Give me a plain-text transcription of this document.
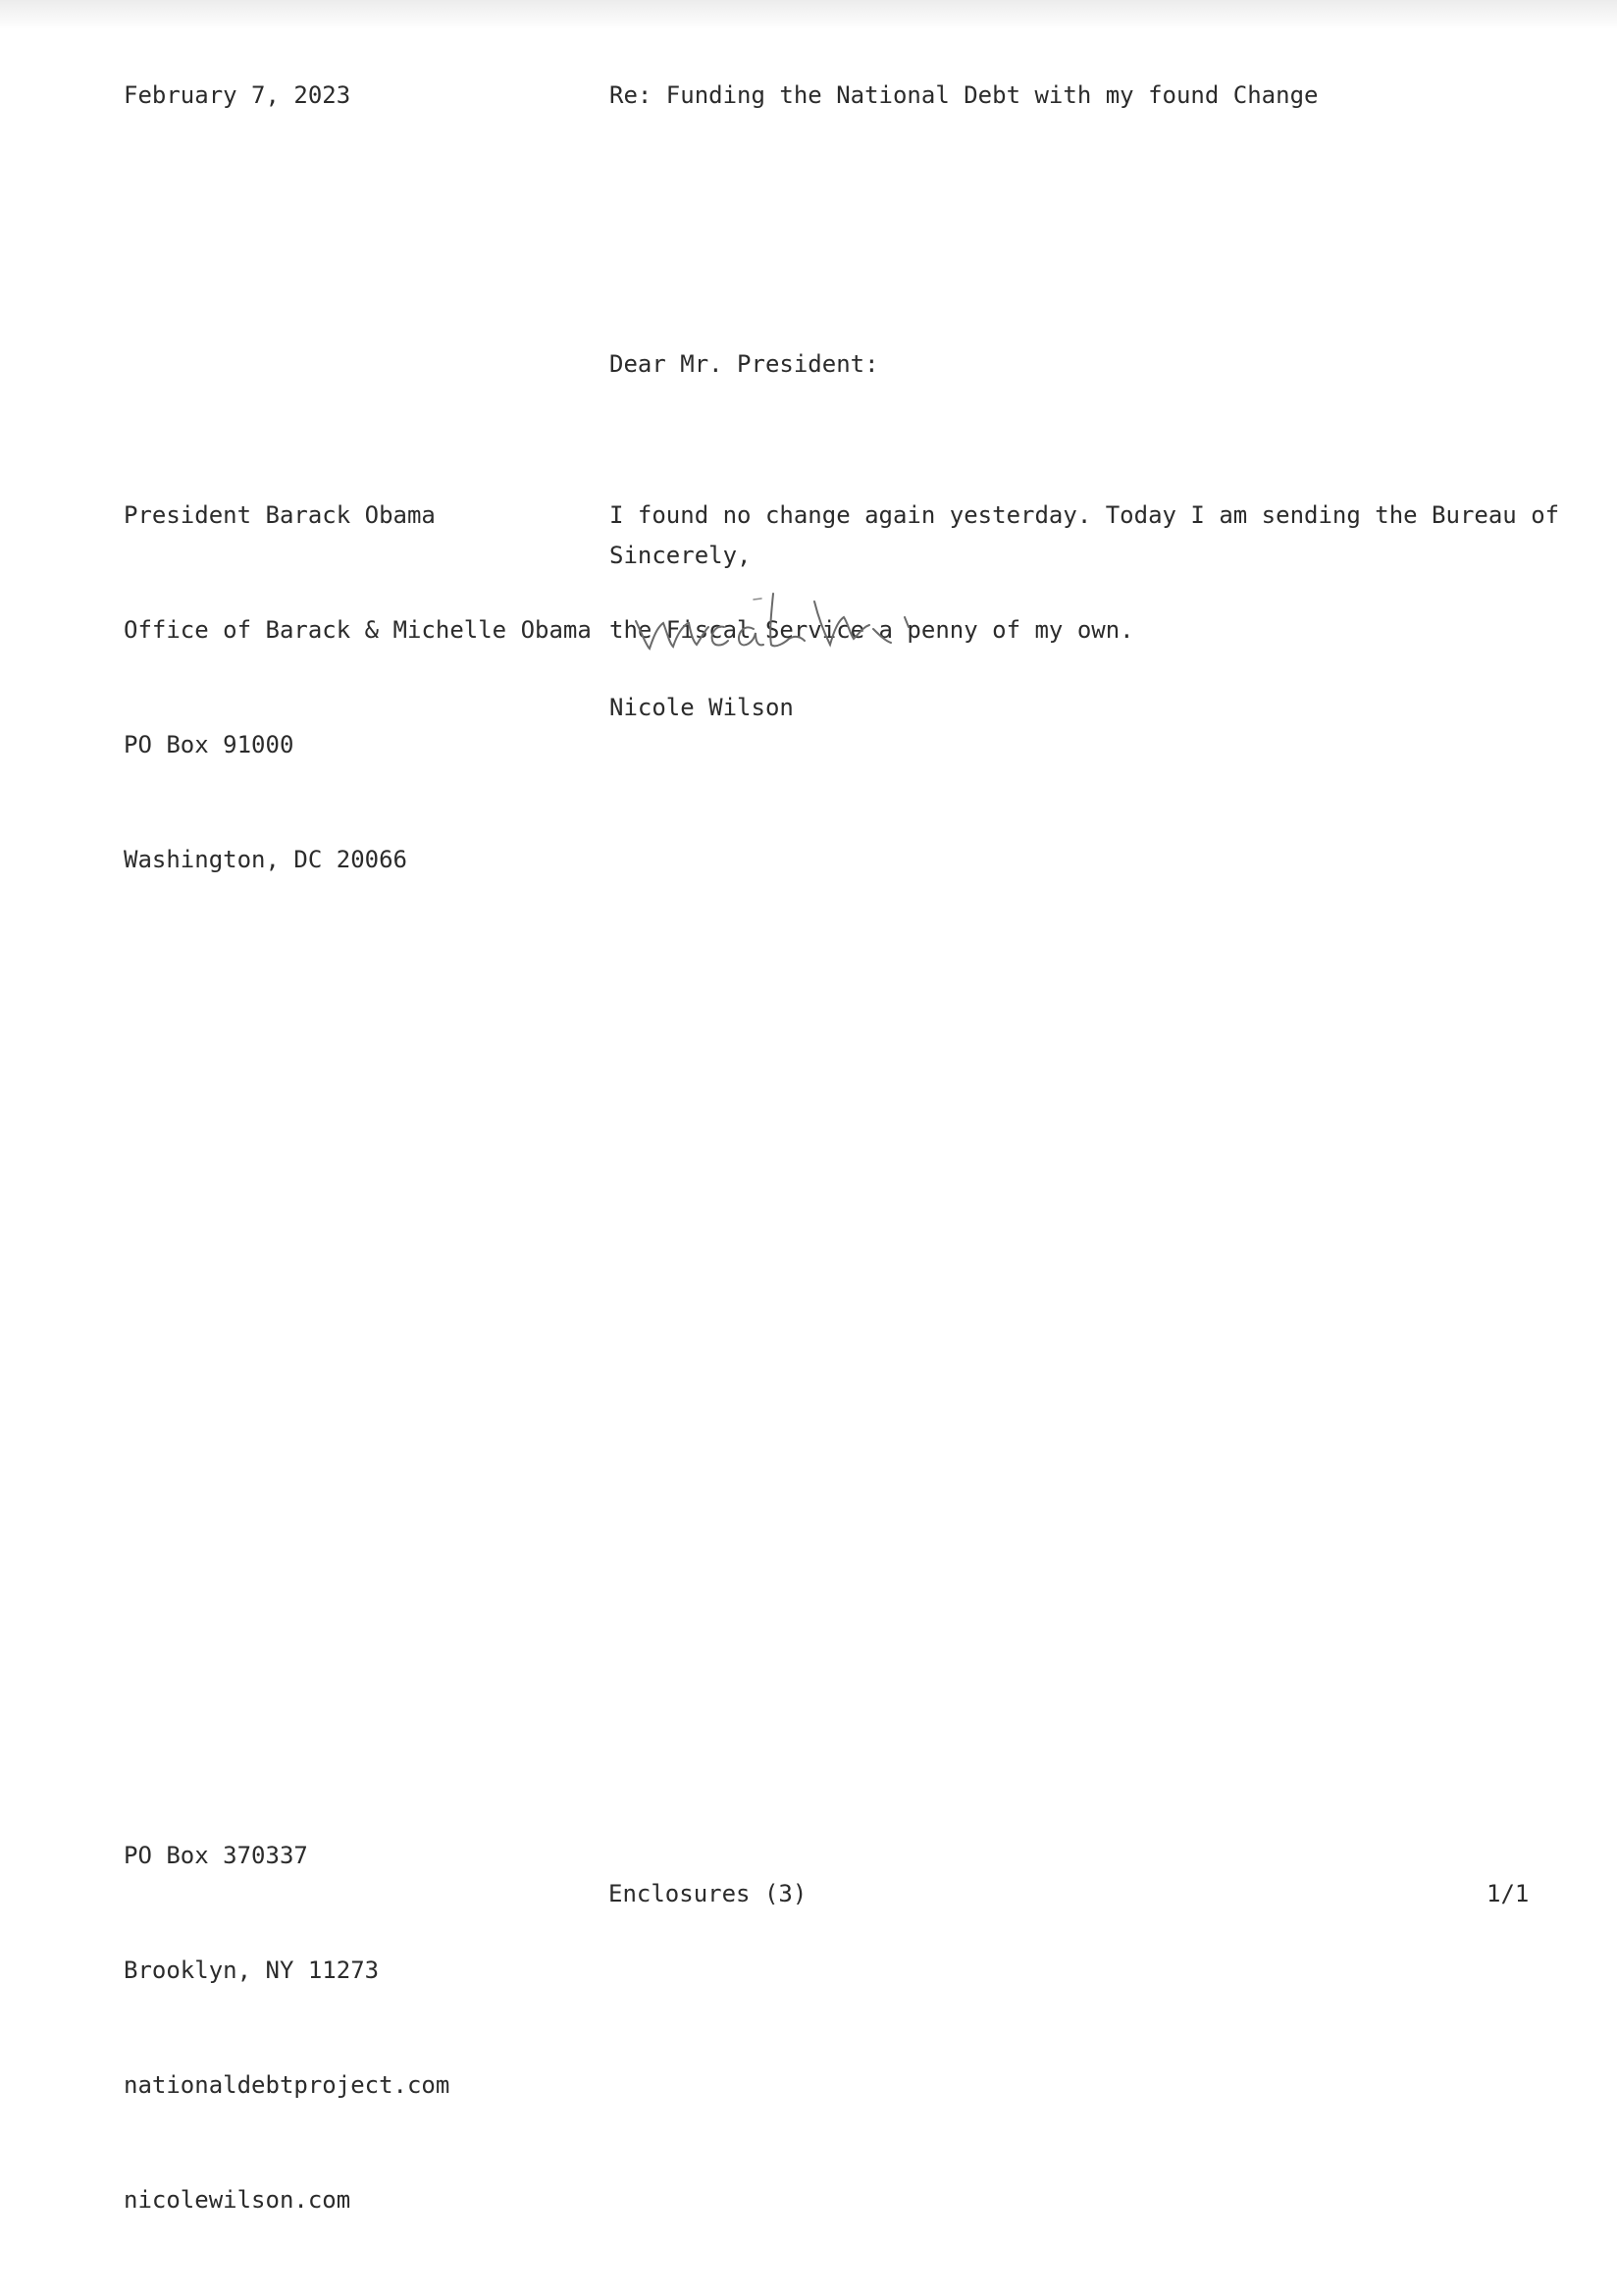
February 7, 2023	Re: Funding the National Debt with my found Change
Dear Mr. President:

President Barack Obama

Office of Barack & Michelle Obama

PO Box 91000

Washington, DC 20066

I found no change again yesterday. Today I am sending the Bureau of

the Fiscal Service a penny of my own.

Sincerely,
Nicole Wilson

PO Box 370337

Brooklyn, NY 11273

nationaldebtproject.com

nicolewilson.com

Enclosures (3)	1/1
